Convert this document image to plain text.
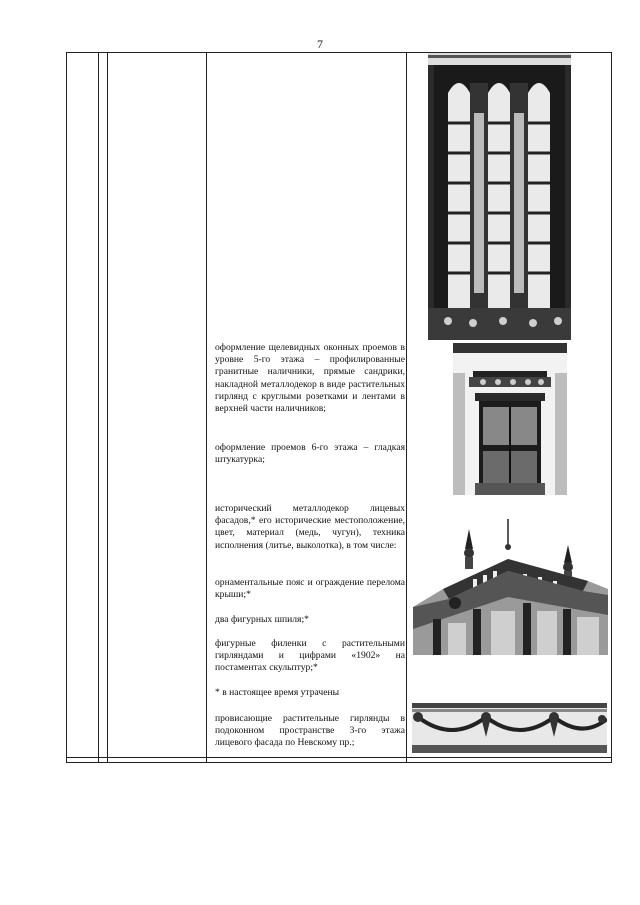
7

оформление щелевидных оконных проемов в уровне 5-го этажа – профилированные гранитные наличники, прямые сандрики, накладной металлодекор в виде растительных гирлянд с круглыми розетками и лентами в верхней части наличников;

оформление проемов 6-го этажа – гладкая штукатурка;

исторический металлодекор лицевых фасадов,* его исторические местоположение, цвет, материал (медь, чугун), техника исполнения (литье, выколотка), в том числе:

орнаментальные пояс и ограждение перелома крыши;*

два фигурных шпиля;*

фигурные филенки с растительными гирляндами и цифрами «1902» на постаментах скульптур;*

* в настоящее время утрачены

провисающие растительные гирлянды в подоконном пространстве 3-го этажа лицевого фасада по Невскому пр.;
